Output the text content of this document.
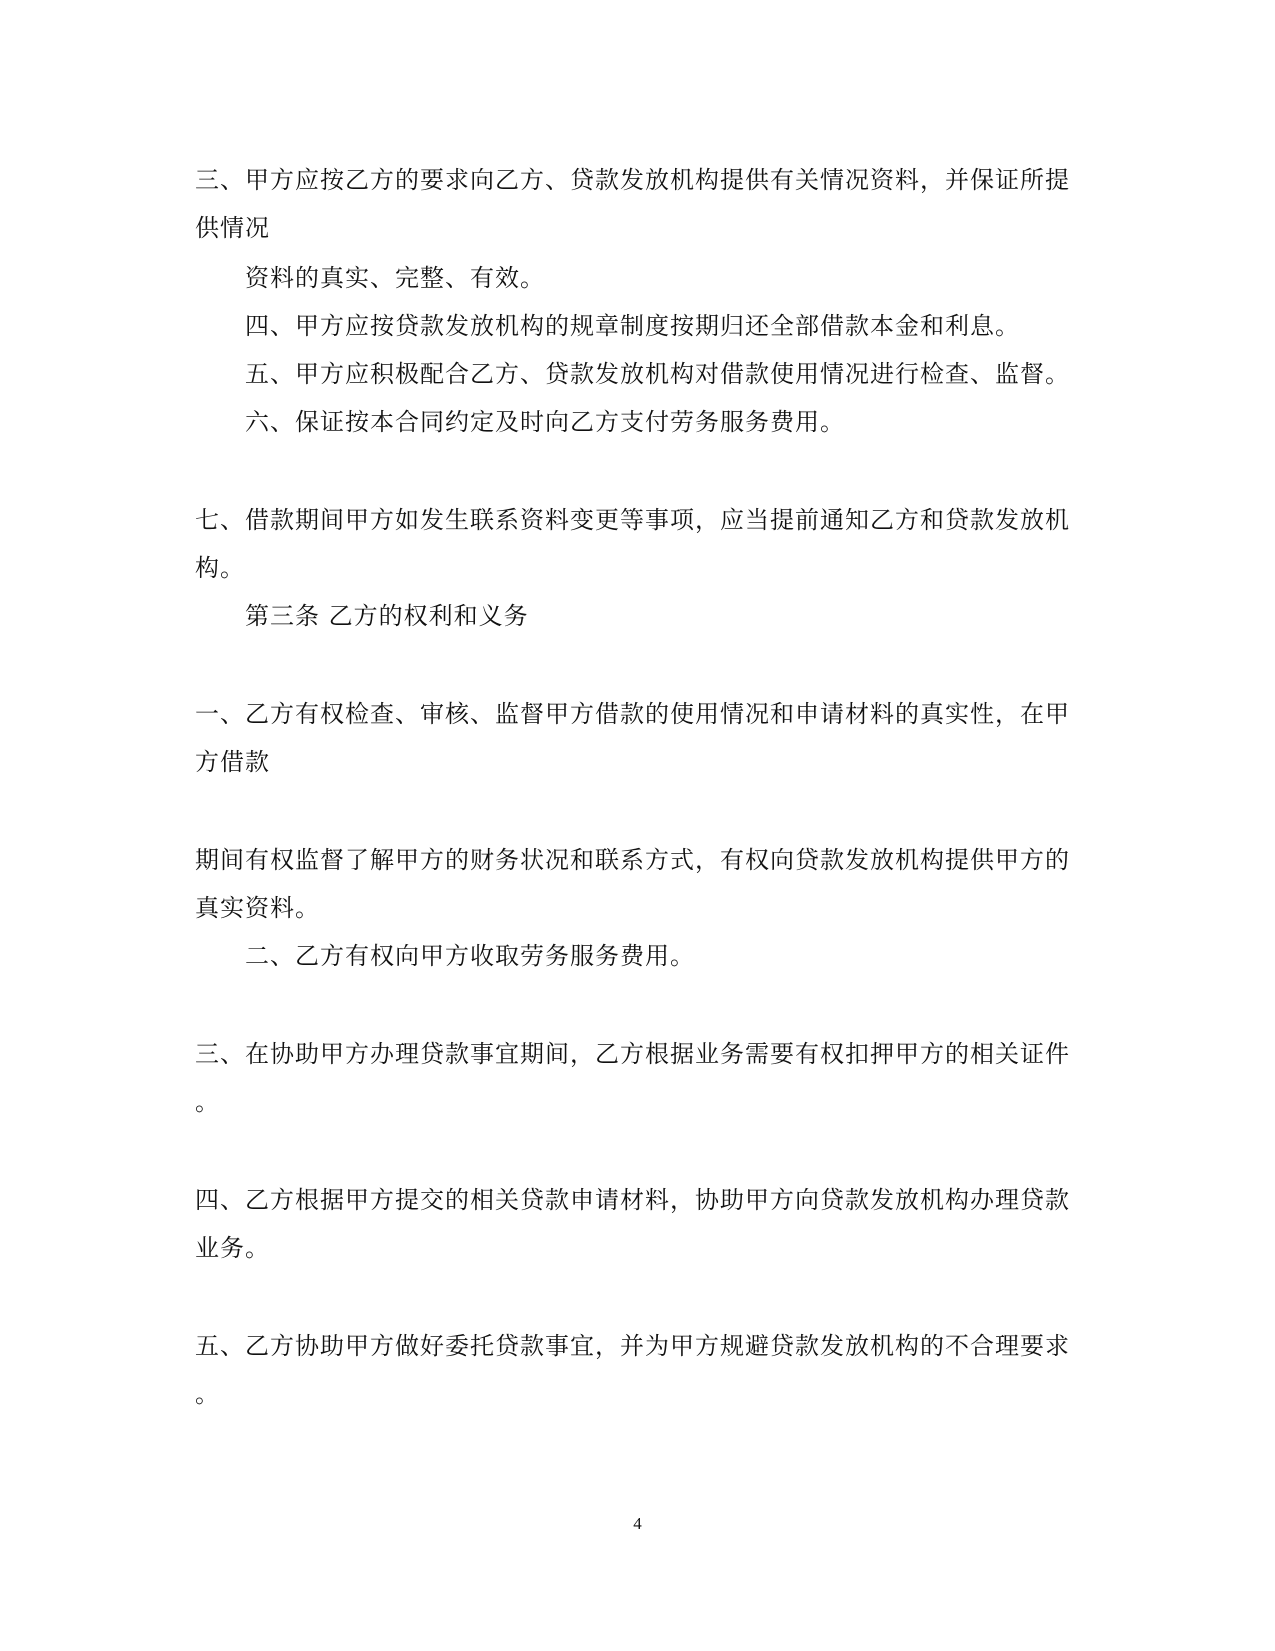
三、甲方应按乙方的要求向乙方、贷款发放机构提供有关情况资料，并保证所提
供情况
资料的真实、完整、有效。
四、甲方应按贷款发放机构的规章制度按期归还全部借款本金和利息。
五、甲方应积极配合乙方、贷款发放机构对借款使用情况进行检查、监督。
六、保证按本合同约定及时向乙方支付劳务服务费用。
七、借款期间甲方如发生联系资料变更等事项，应当提前通知乙方和贷款发放机
构。
第三条 乙方的权利和义务
一、乙方有权检查、审核、监督甲方借款的使用情况和申请材料的真实性，在甲
方借款
期间有权监督了解甲方的财务状况和联系方式，有权向贷款发放机构提供甲方的
真实资料。
二、乙方有权向甲方收取劳务服务费用。
三、在协助甲方办理贷款事宜期间，乙方根据业务需要有权扣押甲方的相关证件
。
四、乙方根据甲方提交的相关贷款申请材料，协助甲方向贷款发放机构办理贷款
业务。
五、乙方协助甲方做好委托贷款事宜，并为甲方规避贷款发放机构的不合理要求
。
4
